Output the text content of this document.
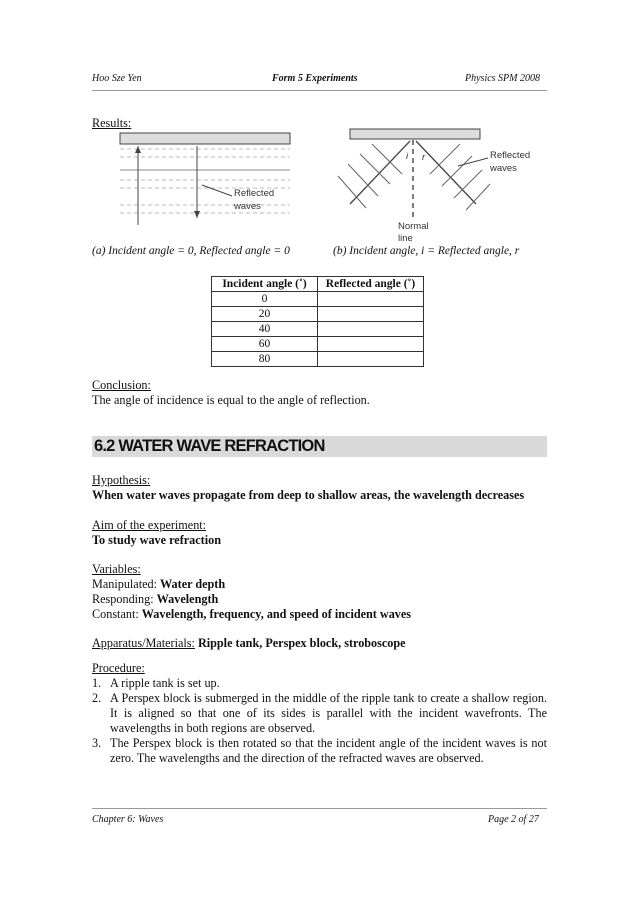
Hoo Sze Yen	Form 5 Experiments	Physics SPM 2008
Results:
Reflected
waves
i r	Reflected
waves
Normal
line
(a) Incident angle = 0, Reflected angle = 0	(b) Incident angle, i = Reflected angle, r
Incident angle (˚)	Reflected angle (˚)
0	
20	
40	
60	
80	
Conclusion:
The angle of incidence is equal to the angle of reflection.
6.2 WATER WAVE REFRACTION
Hypothesis:
When water waves propagate from deep to shallow areas, the wavelength decreases
Aim of the experiment:
To study wave refraction
Variables:
Manipulated: Water depth
Responding: Wavelength
Constant: Wavelength, frequency, and speed of incident waves
Apparatus/Materials: Ripple tank, Perspex block, stroboscope
Procedure:
1. A ripple tank is set up.
2. A Perspex block is submerged in the middle of the ripple tank to create a shallow region. It is aligned so that one of its sides is parallel with the incident wavefronts. The wavelengths in both regions are observed.
3. The Perspex block is then rotated so that the incident angle of the incident waves is not zero. The wavelengths and the direction of the refracted waves are observed.
Chapter 6: Waves	Page 2 of 27
